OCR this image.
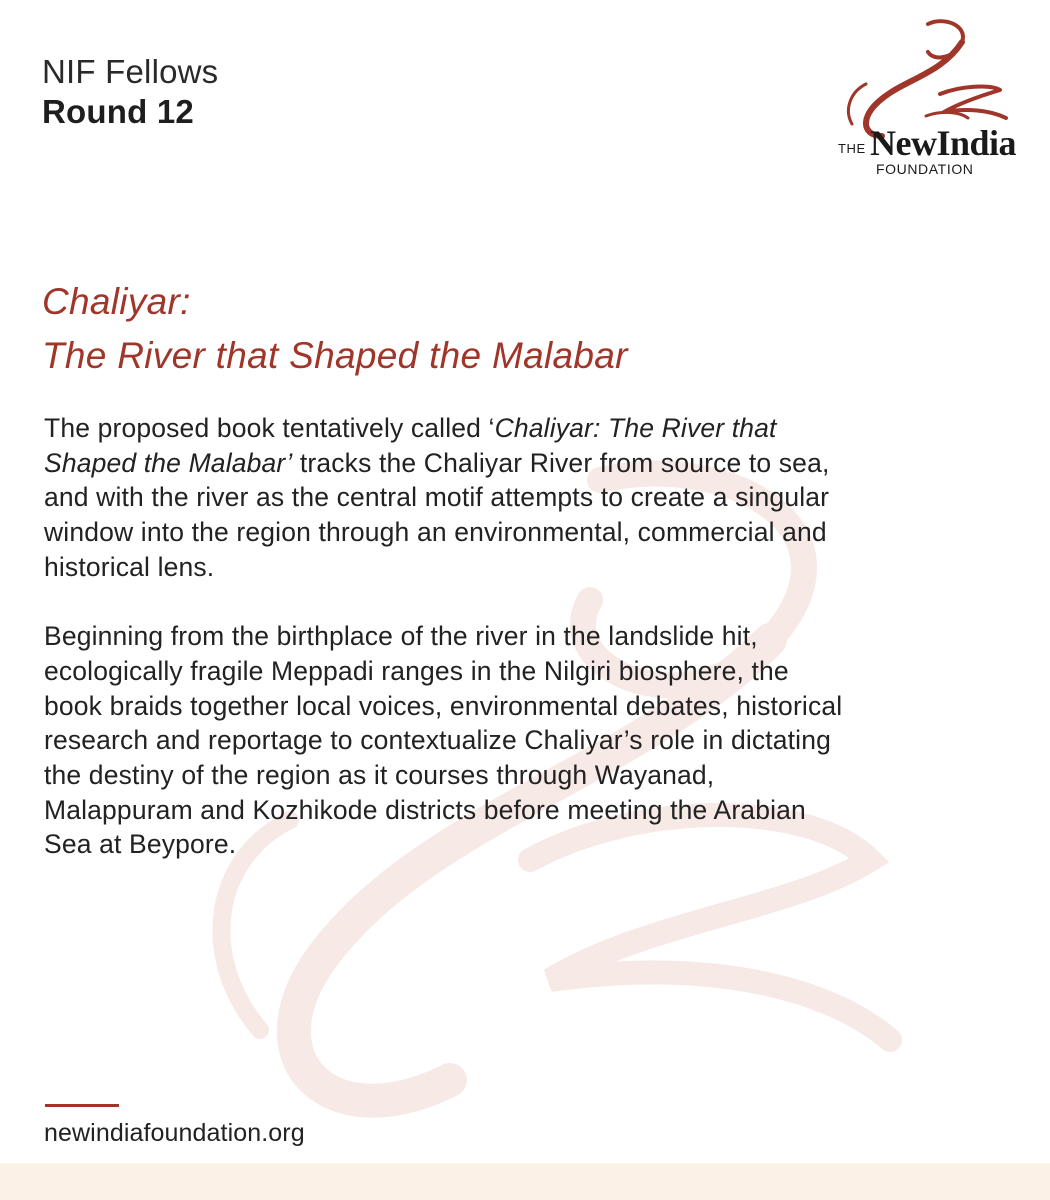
NIF Fellows
Round 12
THE NewIndia
FOUNDATION
Chaliyar:
The River that Shaped the Malabar

The proposed book tentatively called ‘Chaliyar: The River that Shaped the Malabar’ tracks the Chaliyar River from source to sea, and with the river as the central motif attempts to create a singular window into the region through an environmental, commercial and historical lens.

Beginning from the birthplace of the river in the landslide hit, ecologically fragile Meppadi ranges in the Nilgiri biosphere, the book braids together local voices, environmental debates, historical research and reportage to contextualize Chaliyar’s role in dictating the destiny of the region as it courses through Wayanad, Malappuram and Kozhikode districts before meeting the Arabian Sea at Beypore.

newindiafoundation.org
